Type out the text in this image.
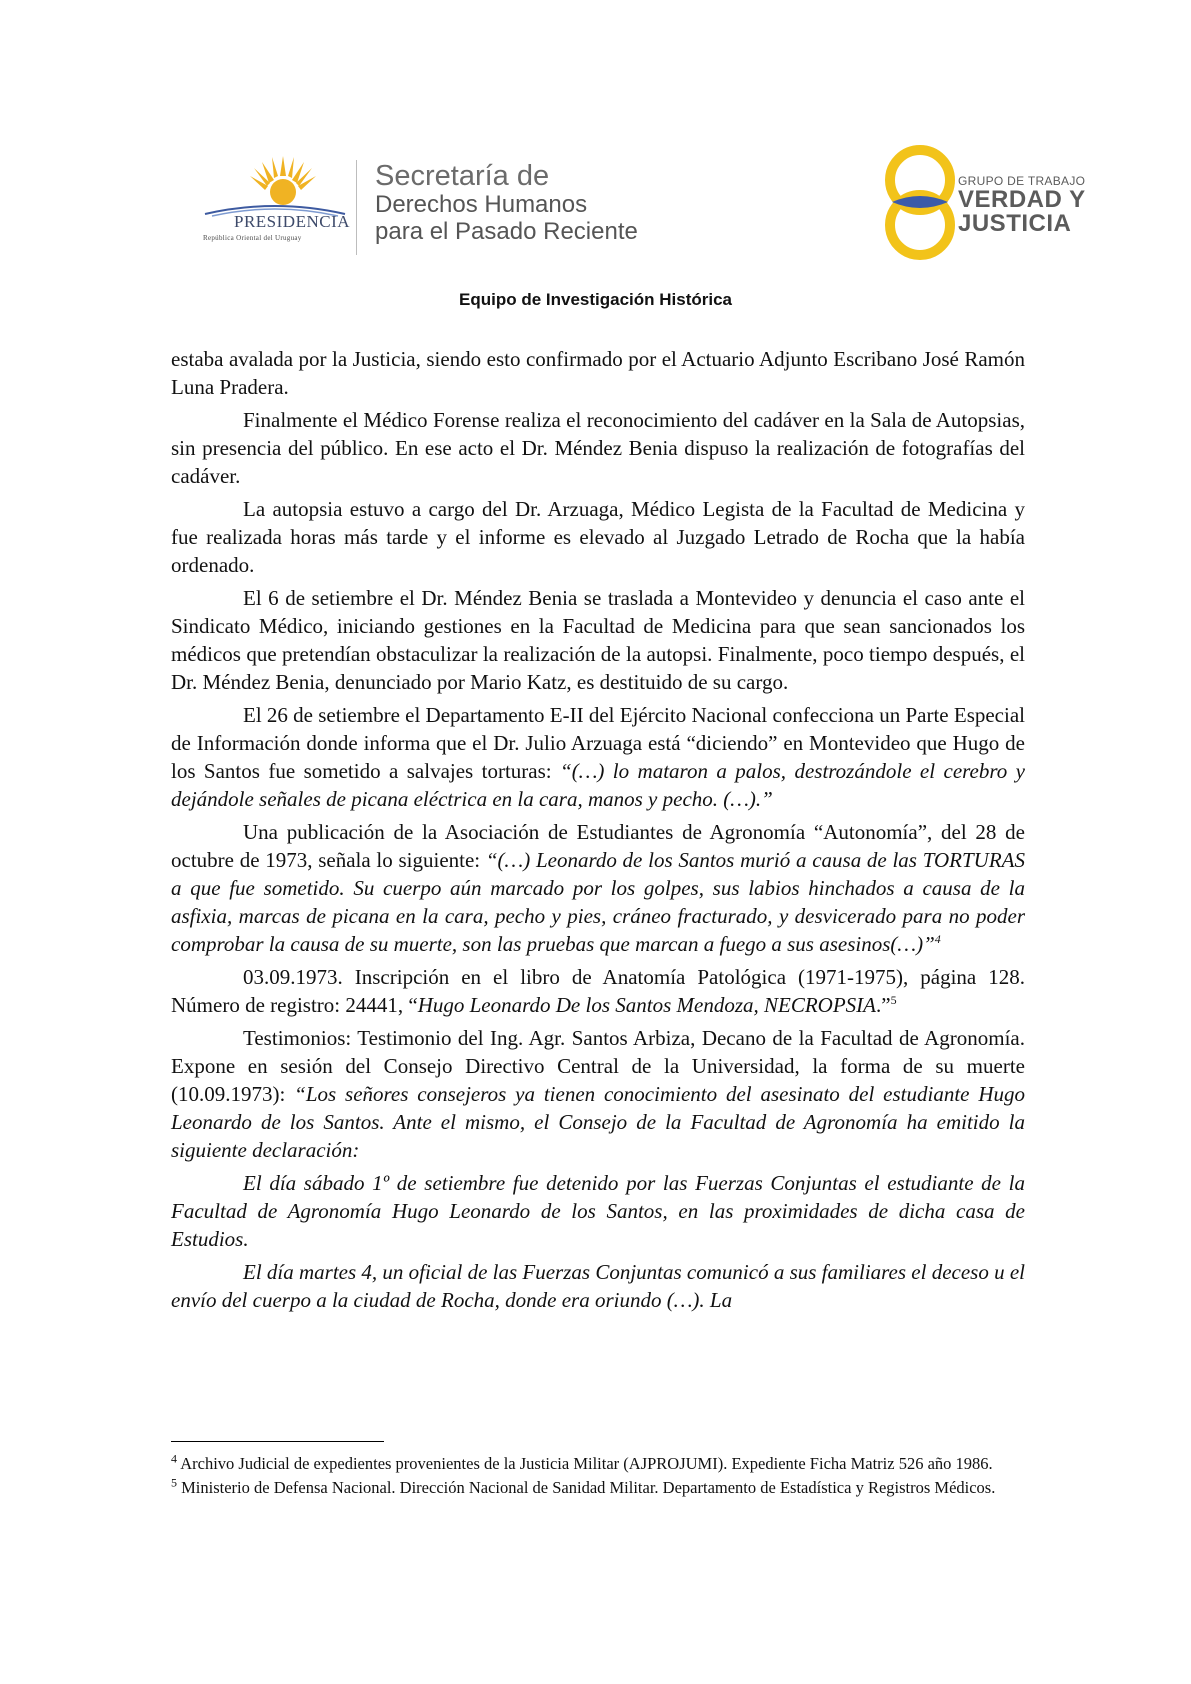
PRESIDENCIA
República Oriental del Uruguay
Secretaría de
Derechos Humanos
para el Pasado Reciente
GRUPO DE TRABAJO
VERDAD Y
JUSTICIA
Equipo de Investigación Histórica

estaba avalada por la Justicia, siendo esto confirmado por el Actuario Adjunto Escribano José Ramón Luna Pradera.

Finalmente el Médico Forense realiza el reconocimiento del cadáver en la Sala de Autopsias, sin presencia del público. En ese acto el Dr. Méndez Benia dispuso la realización de fotografías del cadáver.

La autopsia estuvo a cargo del Dr. Arzuaga, Médico Legista de la Facultad de Medicina y fue realizada horas más tarde y el informe es elevado al Juzgado Letrado de Rocha que la había ordenado.

El 6 de setiembre el Dr. Méndez Benia se traslada a Montevideo y denuncia el caso ante el Sindicato Médico, iniciando gestiones en la Facultad de Medicina para que sean sancionados los médicos que pretendían obstaculizar la realización de la autopsi. Finalmente, poco tiempo después, el Dr. Méndez Benia, denunciado por Mario Katz, es destituido de su cargo.

El 26 de setiembre el Departamento E-II del Ejército Nacional confecciona un Parte Especial de Información donde informa que el Dr. Julio Arzuaga está “diciendo” en Montevideo que Hugo de los Santos fue sometido a salvajes torturas: “(…) lo mataron a palos, destrozándole el cerebro y dejándole señales de picana eléctrica en la cara, manos y pecho. (…).”

Una publicación de la Asociación de Estudiantes de Agronomía “Autonomía”, del 28 de octubre de 1973, señala lo siguiente: “(…) Leonardo de los Santos murió a causa de las TORTURAS a que fue sometido. Su cuerpo aún marcado por los golpes, sus labios hinchados a causa de la asfixia, marcas de picana en la cara, pecho y pies, cráneo fracturado, y desvicerado para no poder comprobar la causa de su muerte, son las pruebas que marcan a fuego a sus asesinos(…)”$^4$

03.09.1973. Inscripción en el libro de Anatomía Patológica (1971-1975), página 128. Número de registro: 24441, “Hugo Leonardo De los Santos Mendoza, NECROPSIA.”$^5$

Testimonios: Testimonio del Ing. Agr. Santos Arbiza, Decano de la Facultad de Agronomía. Expone en sesión del Consejo Directivo Central de la Universidad, la forma de su muerte (10.09.1973): “Los señores consejeros ya tienen conocimiento del asesinato del estudiante Hugo Leonardo de los Santos. Ante el mismo, el Consejo de la Facultad de Agronomía ha emitido la siguiente declaración:

El día sábado 1º de setiembre fue detenido por las Fuerzas Conjuntas el estudiante de la Facultad de Agronomía Hugo Leonardo de los Santos, en las proximidades de dicha casa de Estudios.

El día martes 4, un oficial de las Fuerzas Conjuntas comunicó a sus familiares el deceso u el envío del cuerpo a la ciudad de Rocha, donde era oriundo (…). La

$^4$ Archivo Judicial de expedientes provenientes de la Justicia Militar (AJPROJUMI). Expediente Ficha Matriz 526 año 1986.

$^5$ Ministerio de Defensa Nacional. Dirección Nacional de Sanidad Militar. Departamento de Estadística y Registros Médicos.
